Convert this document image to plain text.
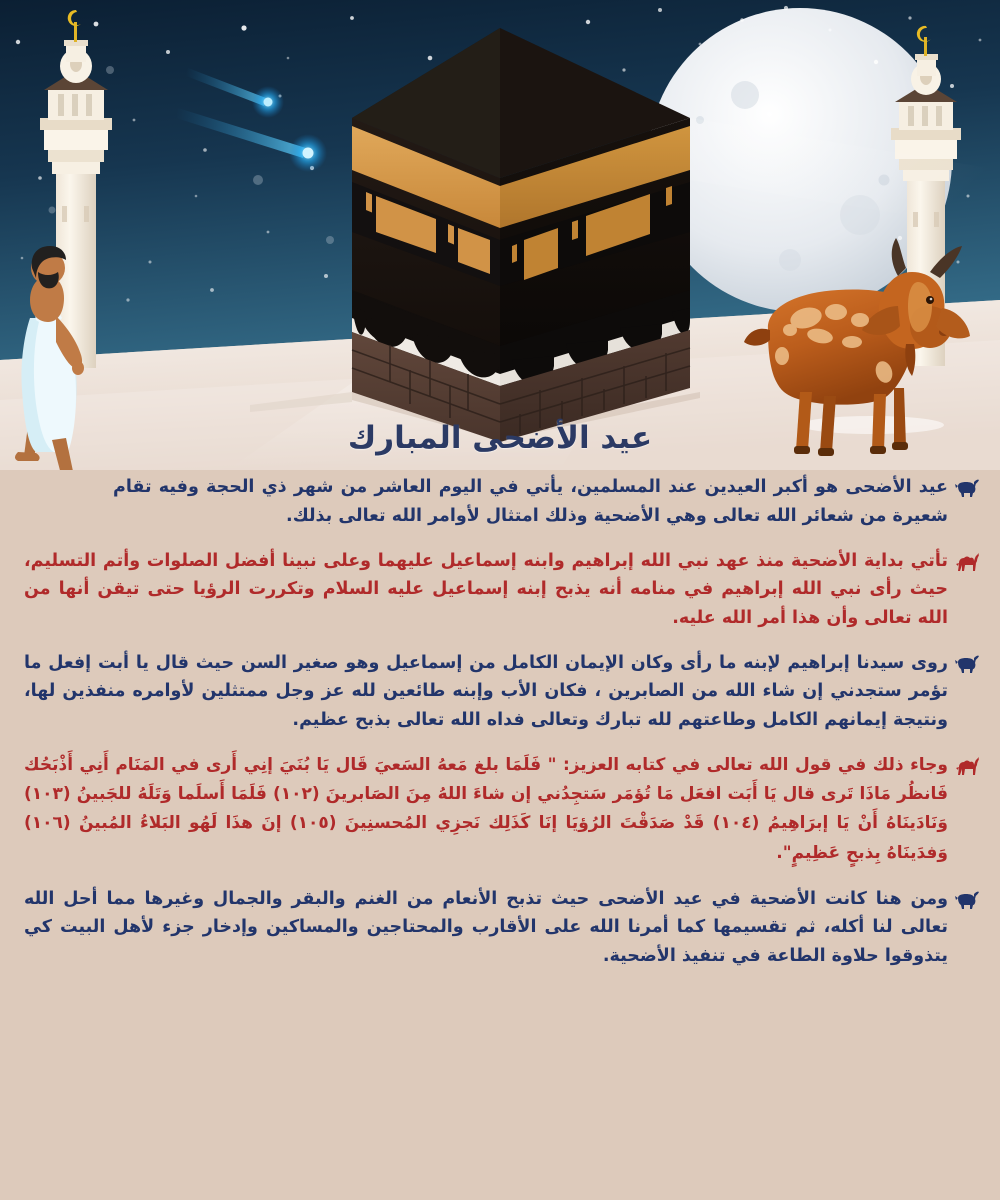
عيد الأضحى المبارك

عيد الأضحى هو أكبر العيدين عند المسلمين، يأتي في اليوم العاشر من شهر ذي الحجة وفيه تقام شعيرة من شعائر الله تعالى وهي الأضحية وذلك امتثال لأوامر الله تعالى بذلك.

تأتي بداية الأضحية منذ عهد نبي الله إبراهيم وابنه إسماعيل عليهما وعلى نبينا أفضل الصلوات وأتم التسليم، حيث رأى نبي الله إبراهيم في منامه أنه يذبح إبنه إسماعيل عليه السلام وتكررت الرؤيا حتى تيقن أنها من الله تعالى وأن هذا أمر الله عليه.

روى سيدنا إبراهيم لإبنه ما رأى وكان الإيمان الكامل من إسماعيل وهو صغير السن حيث قال يا أبت إفعل ما تؤمر ستجدني إن شاء الله من الصابرين ، فكان الأب وإبنه طائعين لله عز وجل ممتثلين لأوامره منفذين لها، ونتيجة إيمانهم الكامل وطاعتهم لله تبارك وتعالى فداه الله تعالى بذبح عظيم.

وجاء ذلك في قول الله تعالى في كتابه العزيز: " فَلَمَا بلغ مَعهُ السَعيَ قَال يَا بُنَيَ إنِي أَرى في المَنَام أَنِي أَذْبَحُك فَانظُر مَاذَا تَرى قال يَا أَبَت افعَل مَا تُؤمَر سَتجِدُني إن شاءَ اللهُ مِنَ الصَابرينَ (١٠٢) فَلَمَا أَسلَما وَتَلَهُ للجَبينُ (١٠٣) وَنَادَينَاهُ أَنْ يَا إبرَاهِيمُ (١٠٤) قَدْ صَدَقْتَ الرُؤيَا إنَا كَذَلِك نَجزِي المُحسنِينَ (١٠٥) إنَ هذَا لَهُو البَلاءُ المُبينُ (١٠٦) وَفدَينَاهُ بِذبحٍ عَظِيمٍ".

ومن هنا كانت الأضحية في عيد الأضحى حيث تذبح الأنعام من الغنم والبقر والجمال وغيرها مما أحل الله تعالى لنا أكله، ثم تقسيمها كما أمرنا الله على الأقارب والمحتاجين والمساكين وإدخار جزء لأهل البيت كي يتذوقوا حلاوة الطاعة في تنفيذ الأضحية.
